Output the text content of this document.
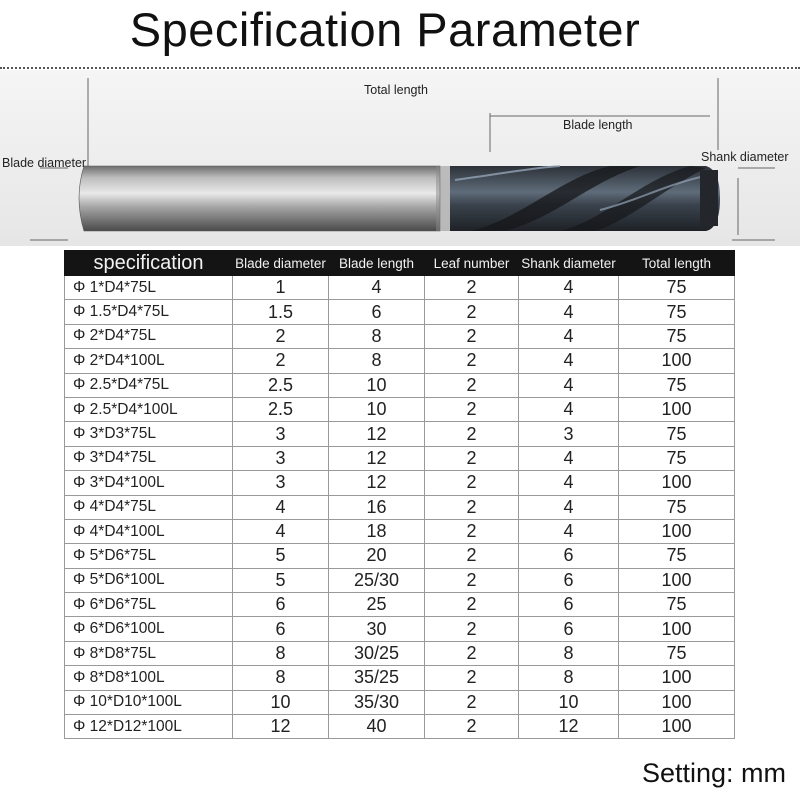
Specification Parameter
Total length
Blade length
Blade diameter	Shank diameter
specification	Blade diameter	Blade length	Leaf number	Shank diameter	Total length
Φ 1*D4*75L	1	4	2	4	75
Φ 1.5*D4*75L	1.5	6	2	4	75
Φ 2*D4*75L	2	8	2	4	75
Φ 2*D4*100L	2	8	2	4	100
Φ 2.5*D4*75L	2.5	10	2	4	75
Φ 2.5*D4*100L	2.5	10	2	4	100
Φ 3*D3*75L	3	12	2	3	75
Φ 3*D4*75L	3	12	2	4	75
Φ 3*D4*100L	3	12	2	4	100
Φ 4*D4*75L	4	16	2	4	75
Φ 4*D4*100L	4	18	2	4	100
Φ 5*D6*75L	5	20	2	6	75
Φ 5*D6*100L	5	25/30	2	6	100
Φ 6*D6*75L	6	25	2	6	75
Φ 6*D6*100L	6	30	2	6	100
Φ 8*D8*75L	8	30/25	2	8	75
Φ 8*D8*100L	8	35/25	2	8	100
Φ 10*D10*100L	10	35/30	2	10	100
Φ 12*D12*100L	12	40	2	12	100
Setting: mm
